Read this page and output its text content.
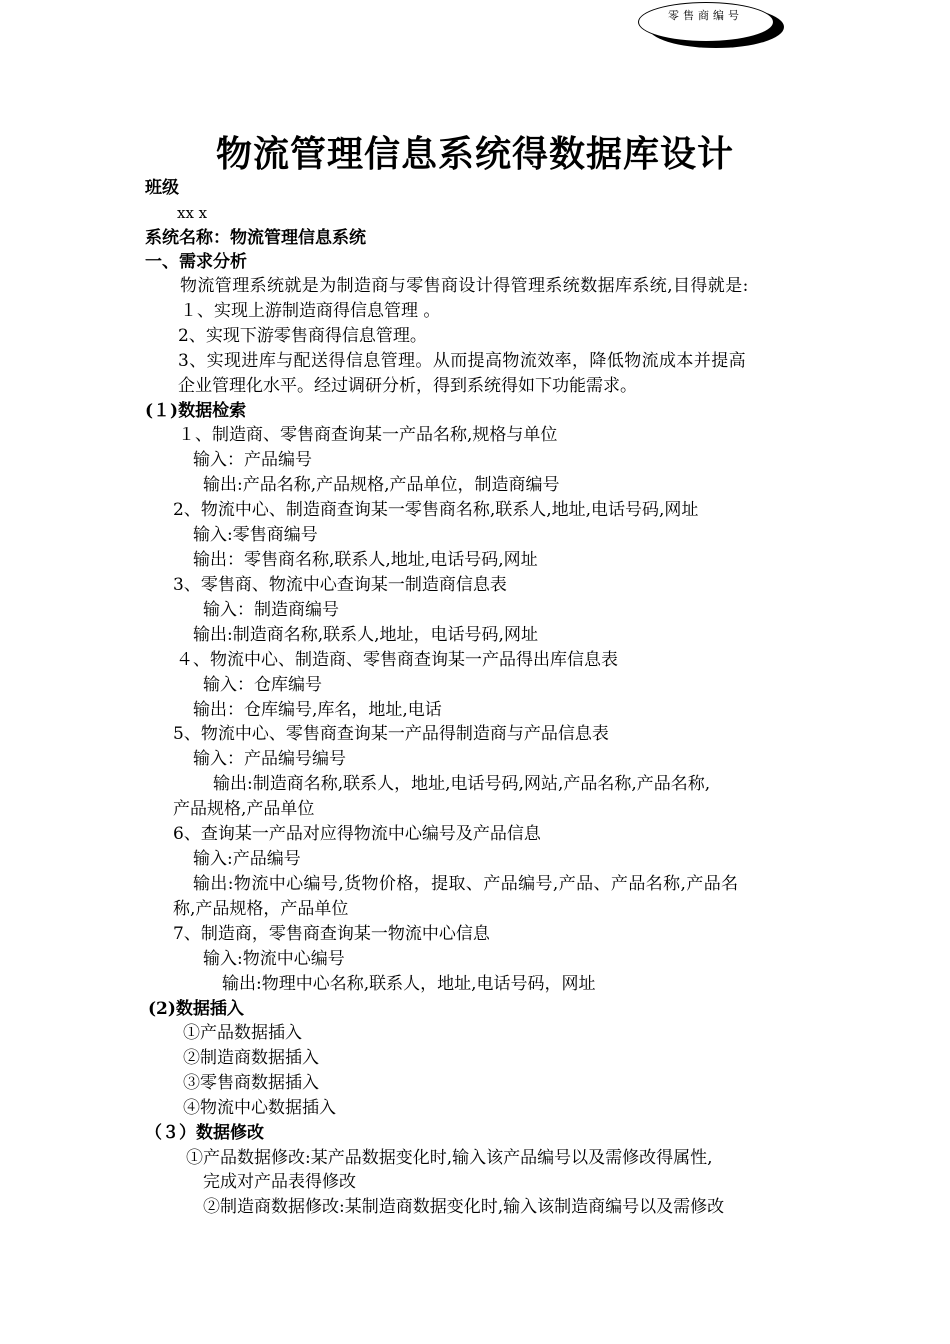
零售商编号
物流管理信息系统得数据库设计
班级
xx x
系统名称：物流管理信息系统
一、需求分析
物流管理系统就是为制造商与零售商设计得管理系统数据库系统,目得就是:
１、实现上游制造商得信息管理 。
2、实现下游零售商得信息管理。
3、实现进库与配送得信息管理。从而提高物流效率，降低物流成本并提高
企业管理化水平。经过调研分析，得到系统得如下功能需求。
(１)数据检索
１、制造商、零售商查询某一产品名称,规格与单位
输入：产品编号
输出:产品名称,产品规格,产品单位，制造商编号
2、物流中心、制造商查询某一零售商名称,联系人,地址,电话号码,网址
输入:零售商编号
输出：零售商名称,联系人,地址,电话号码,网址
3、零售商、物流中心查询某一制造商信息表
输入：制造商编号
输出:制造商名称,联系人,地址，电话号码,网址
４、物流中心、制造商、零售商查询某一产品得出库信息表
输入：仓库编号
输出：仓库编号,库名，地址,电话
5、物流中心、零售商查询某一产品得制造商与产品信息表
输入：产品编号编号
输出:制造商名称,联系人，地址,电话号码,网站,产品名称,产品名称,
产品规格,产品单位
6、查询某一产品对应得物流中心编号及产品信息
输入:产品编号
输出:物流中心编号,货物价格，提取、产品编号,产品、产品名称,产品名
称,产品规格，产品单位
7、制造商，零售商查询某一物流中心信息
输入:物流中心编号
输出:物理中心名称,联系人，地址,电话号码，网址
(2)数据插入
①产品数据插入
②制造商数据插入
③零售商数据插入
④物流中心数据插入
（３）数据修改
①产品数据修改:某产品数据变化时,输入该产品编号以及需修改得属性,
完成对产品表得修改
②制造商数据修改:某制造商数据变化时,输入该制造商编号以及需修改
